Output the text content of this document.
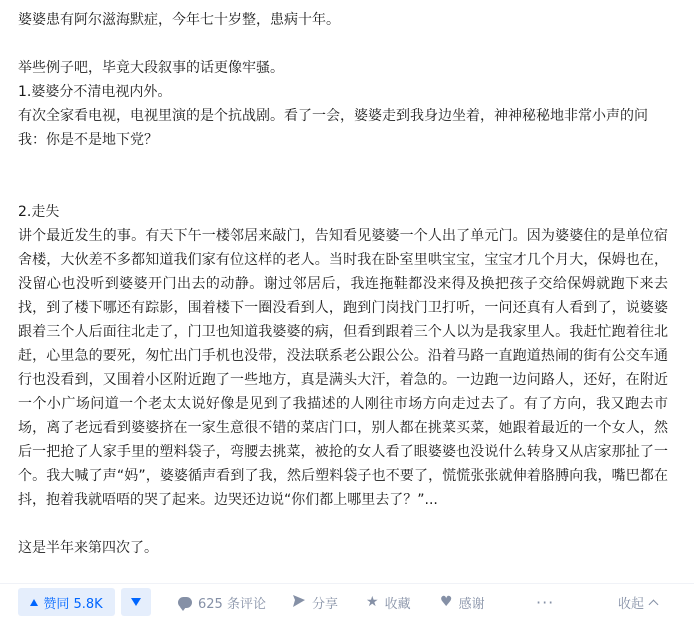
婆婆患有阿尔滋海默症，今年七十岁整，患病十年。

举些例子吧，毕竟大段叙事的话更像牢骚。

1.婆婆分不清电视内外。

有次全家看电视，电视里演的是个抗战剧。看了一会，婆婆走到我身边坐着，神神秘秘地非常小声的问我：你是不是地下党？

2.走失

讲个最近发生的事。有天下午一楼邻居来敲门，告知看见婆婆一个人出了单元门。因为婆婆住的是单位宿舍楼，大伙差不多都知道我们家有位这样的老人。当时我在卧室里哄宝宝，宝宝才几个月大，保姆也在，没留心也没听到婆婆开门出去的动静。谢过邻居后，我连拖鞋都没来得及换把孩子交给保姆就跑下来去找，到了楼下哪还有踪影，围着楼下一圈没看到人，跑到门岗找门卫打听，一问还真有人看到了，说婆婆跟着三个人后面往北走了，门卫也知道我婆婆的病，但看到跟着三个人以为是我家里人。我赶忙跑着往北赶，心里急的要死，匆忙出门手机也没带，没法联系老公跟公公。沿着马路一直跑道热闹的街有公交车通行也没看到，又围着小区附近跑了一些地方，真是满头大汗，着急的。一边跑一边问路人，还好，在附近一个小广场问道一个老太太说好像是见到了我描述的人刚往市场方向走过去了。有了方向，我又跑去市场，离了老远看到婆婆挤在一家生意很不错的菜店门口，别人都在挑菜买菜，她跟着最近的一个女人，然后一把抢了人家手里的塑料袋子，弯腰去挑菜，被抢的女人看了眼婆婆也没说什么转身又从店家那扯了一个。我大喊了声“妈”，婆婆循声看到了我，然后塑料袋子也不要了，慌慌张张就伸着胳膊向我，嘴巴都在抖，抱着我就唔唔的哭了起来。边哭还边说“你们都上哪里去了？”...

这是半年来第四次了。

赞同 5.8K	625 条评论	分享 ★ 收藏 ♥ 感谢	···	收起
